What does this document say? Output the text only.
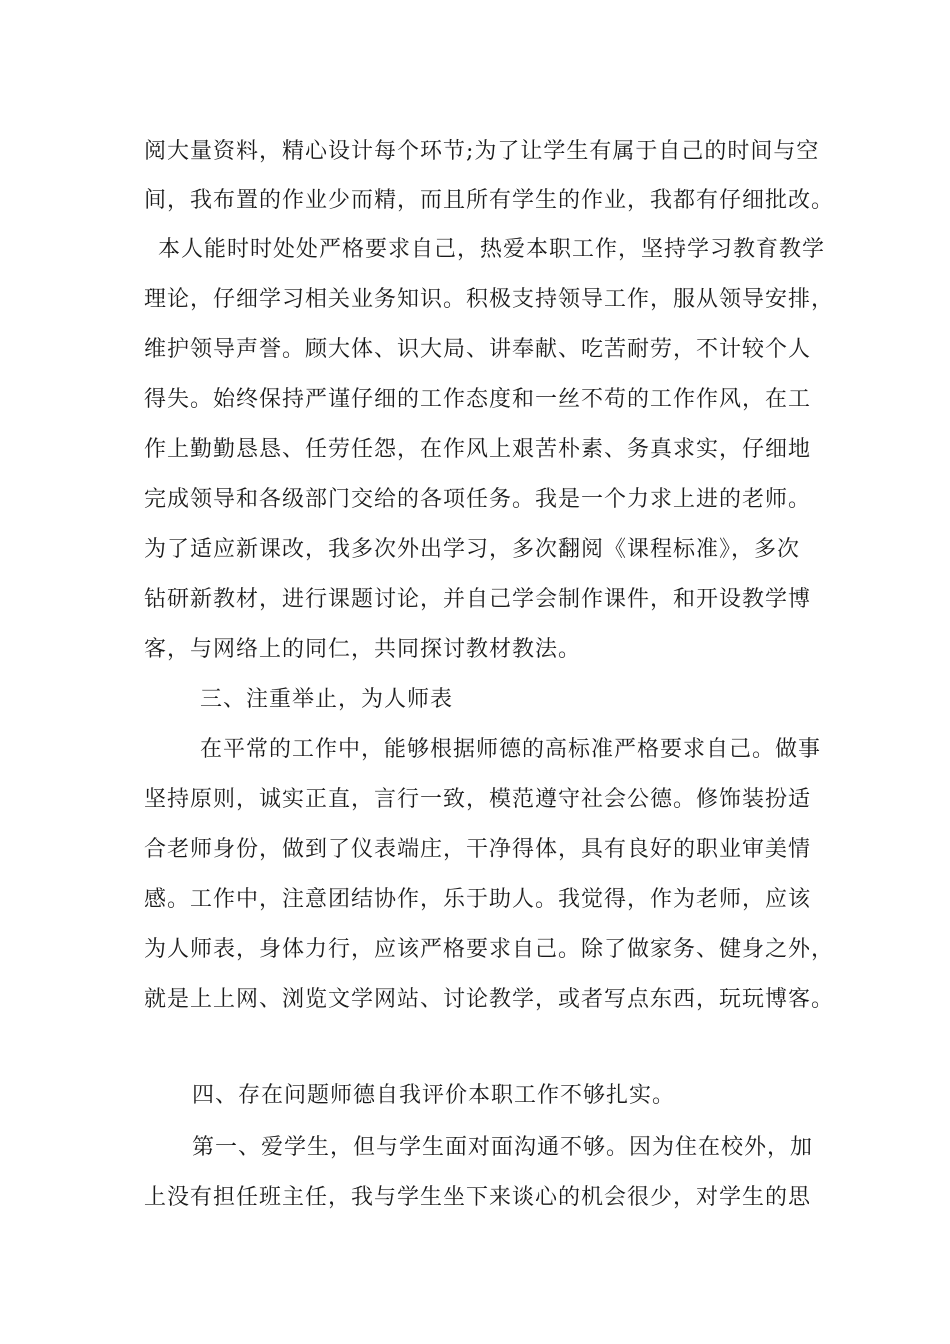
阅大量资料，精心设计每个环节;为了让学生有属于自己的时间与空
间，我布置的作业少而精，而且所有学生的作业，我都有仔细批改。
本人能时时处处严格要求自己，热爱本职工作，坚持学习教育教学
理论，仔细学习相关业务知识。积极支持领导工作，服从领导安排，
维护领导声誉。顾大体、识大局、讲奉献、吃苦耐劳，不计较个人
得失。始终保持严谨仔细的工作态度和一丝不苟的工作作风，在工
作上勤勤恳恳、任劳任怨，在作风上艰苦朴素、务真求实，仔细地
完成领导和各级部门交给的各项任务。我是一个力求上进的老师。
为了适应新课改，我多次外出学习，多次翻阅《课程标准》，多次
钻研新教材，进行课题讨论，并自己学会制作课件，和开设教学博
客，与网络上的同仁，共同探讨教材教法。
三、注重举止，为人师表
在平常的工作中，能够根据师德的高标准严格要求自己。做事
坚持原则，诚实正直，言行一致，模范遵守社会公德。修饰装扮适
合老师身份，做到了仪表端庄，干净得体，具有良好的职业审美情
感。工作中，注意团结协作，乐于助人。我觉得，作为老师，应该
为人师表，身体力行，应该严格要求自己。除了做家务、健身之外，
就是上上网、浏览文学网站、讨论教学，或者写点东西，玩玩博客。
四、存在问题师德自我评价本职工作不够扎实。
第一、爱学生，但与学生面对面沟通不够。因为住在校外，加
上没有担任班主任，我与学生坐下来谈心的机会很少，对学生的思
